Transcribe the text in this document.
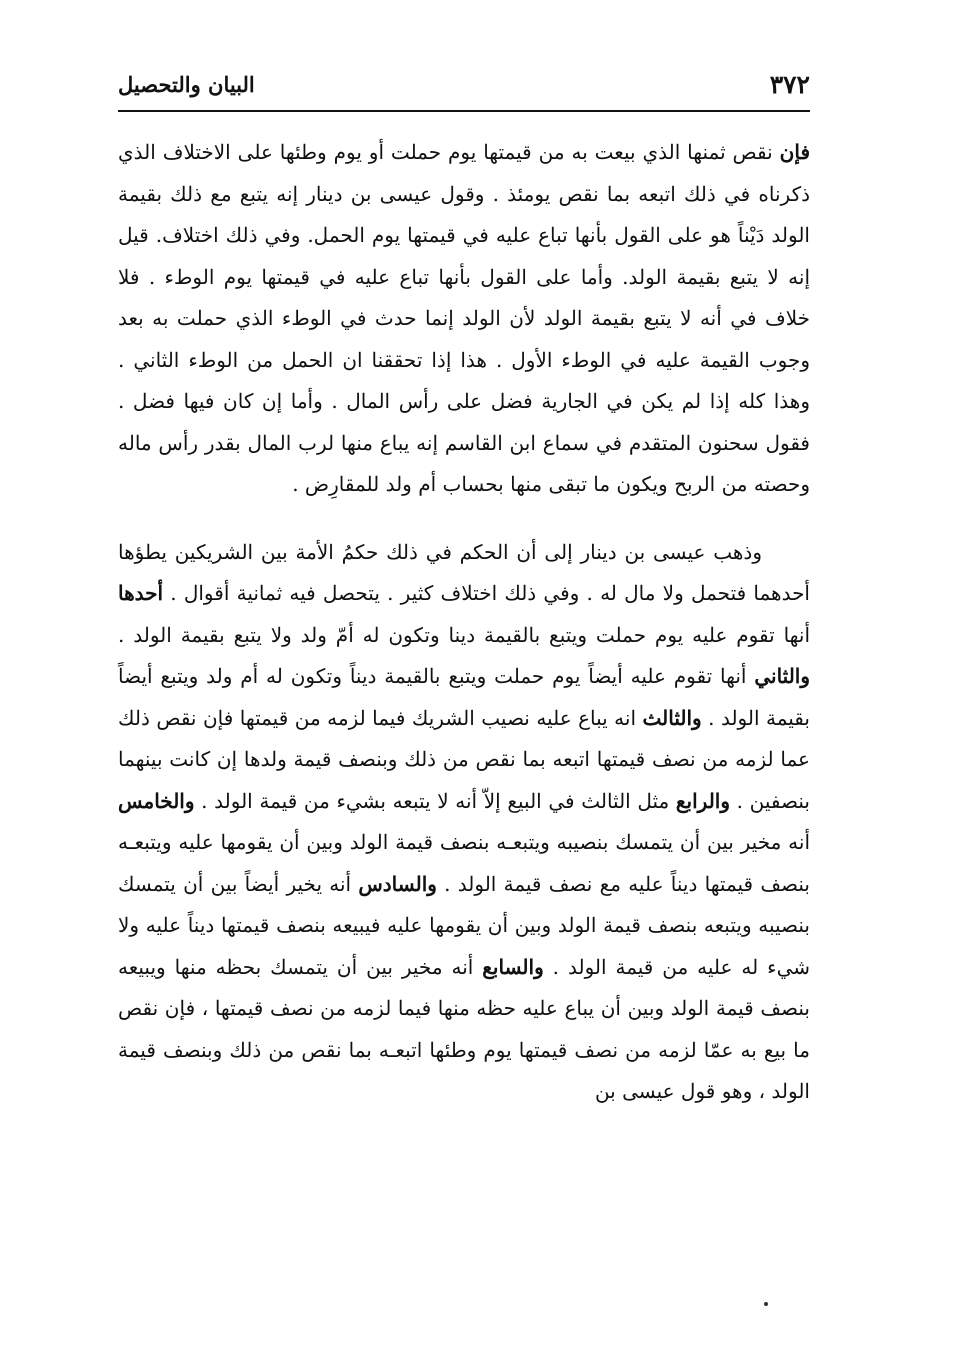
٣٧٢
البيان والتحصيل

فإن نقص ثمنها الذي بيعت به من قيمتها يوم حملت أو يوم وطئها على الاختلاف الذي ذكرناه في ذلك اتبعه بما نقص يومئذ . وقول عيسى بن دينار إنه يتبع مع ذلك بقيمة الولد دَيْناً هو على القول بأنها تباع عليه في قيمتها يوم الحمل. وفي ذلك اختلاف. قيل إنه لا يتبع بقيمة الولد. وأما على القول بأنها تباع عليه في قيمتها يوم الوطء . فلا خلاف في أنه لا يتبع بقيمة الولد لأن الولد إنما حدث في الوطء الذي حملت به بعد وجوب القيمة عليه في الوطء الأول . هذا إذا تحققنا ان الحمل من الوطء الثاني . وهذا كله إذا لم يكن في الجارية فضل على رأس المال . وأما إن كان فيها فضل . فقول سحنون المتقدم في سماع ابن القاسم إنه يباع منها لرب المال بقدر رأس ماله وحصته من الربح ويكون ما تبقى منها بحساب أم ولد للمقارِض .

وذهب عيسى بن دينار إلى أن الحكم في ذلك حكمُ الأمة بين الشريكين يطؤها أحدهما فتحمل ولا مال له . وفي ذلك اختلاف كثير . يتحصل فيه ثمانية أقوال . أحدها أنها تقوم عليه يوم حملت ويتبع بالقيمة دينا وتكون له أمّ ولد ولا يتبع بقيمة الولد . والثاني أنها تقوم عليه أيضاً يوم حملت ويتبع بالقيمة ديناً وتكون له أم ولد ويتبع أيضاً بقيمة الولد . والثالث انه يباع عليه نصيب الشريك فيما لزمه من قيمتها فإن نقص ذلك عما لزمه من نصف قيمتها اتبعه بما نقص من ذلك وبنصف قيمة ولدها إن كانت بينهما بنصفين . والرابع مثل الثالث في البيع إلاّ أنه لا يتبعه بشيء من قيمة الولد . والخامس أنه مخير بين أن يتمسك بنصيبه ويتبعـه بنصف قيمة الولد وبين أن يقومها عليه ويتبعـه بنصف قيمتها ديناً عليه مع نصف قيمة الولد . والسادس أنه يخير أيضاً بين أن يتمسك بنصيبه ويتبعه بنصف قيمة الولد وبين أن يقومها عليه فيبيعه بنصف قيمتها ديناً عليه ولا شيء له عليه من قيمة الولد . والسابع أنه مخير بين أن يتمسك بحظه منها ويبيعه بنصف قيمة الولد وبين أن يباع عليه حظه منها فيما لزمه من نصف قيمتها ، فإن نقص ما بيع به عمّا لزمه من نصف قيمتها يوم وطئها اتبعـه بما نقص من ذلك وبنصف قيمة الولد ، وهو قول عيسى بن
